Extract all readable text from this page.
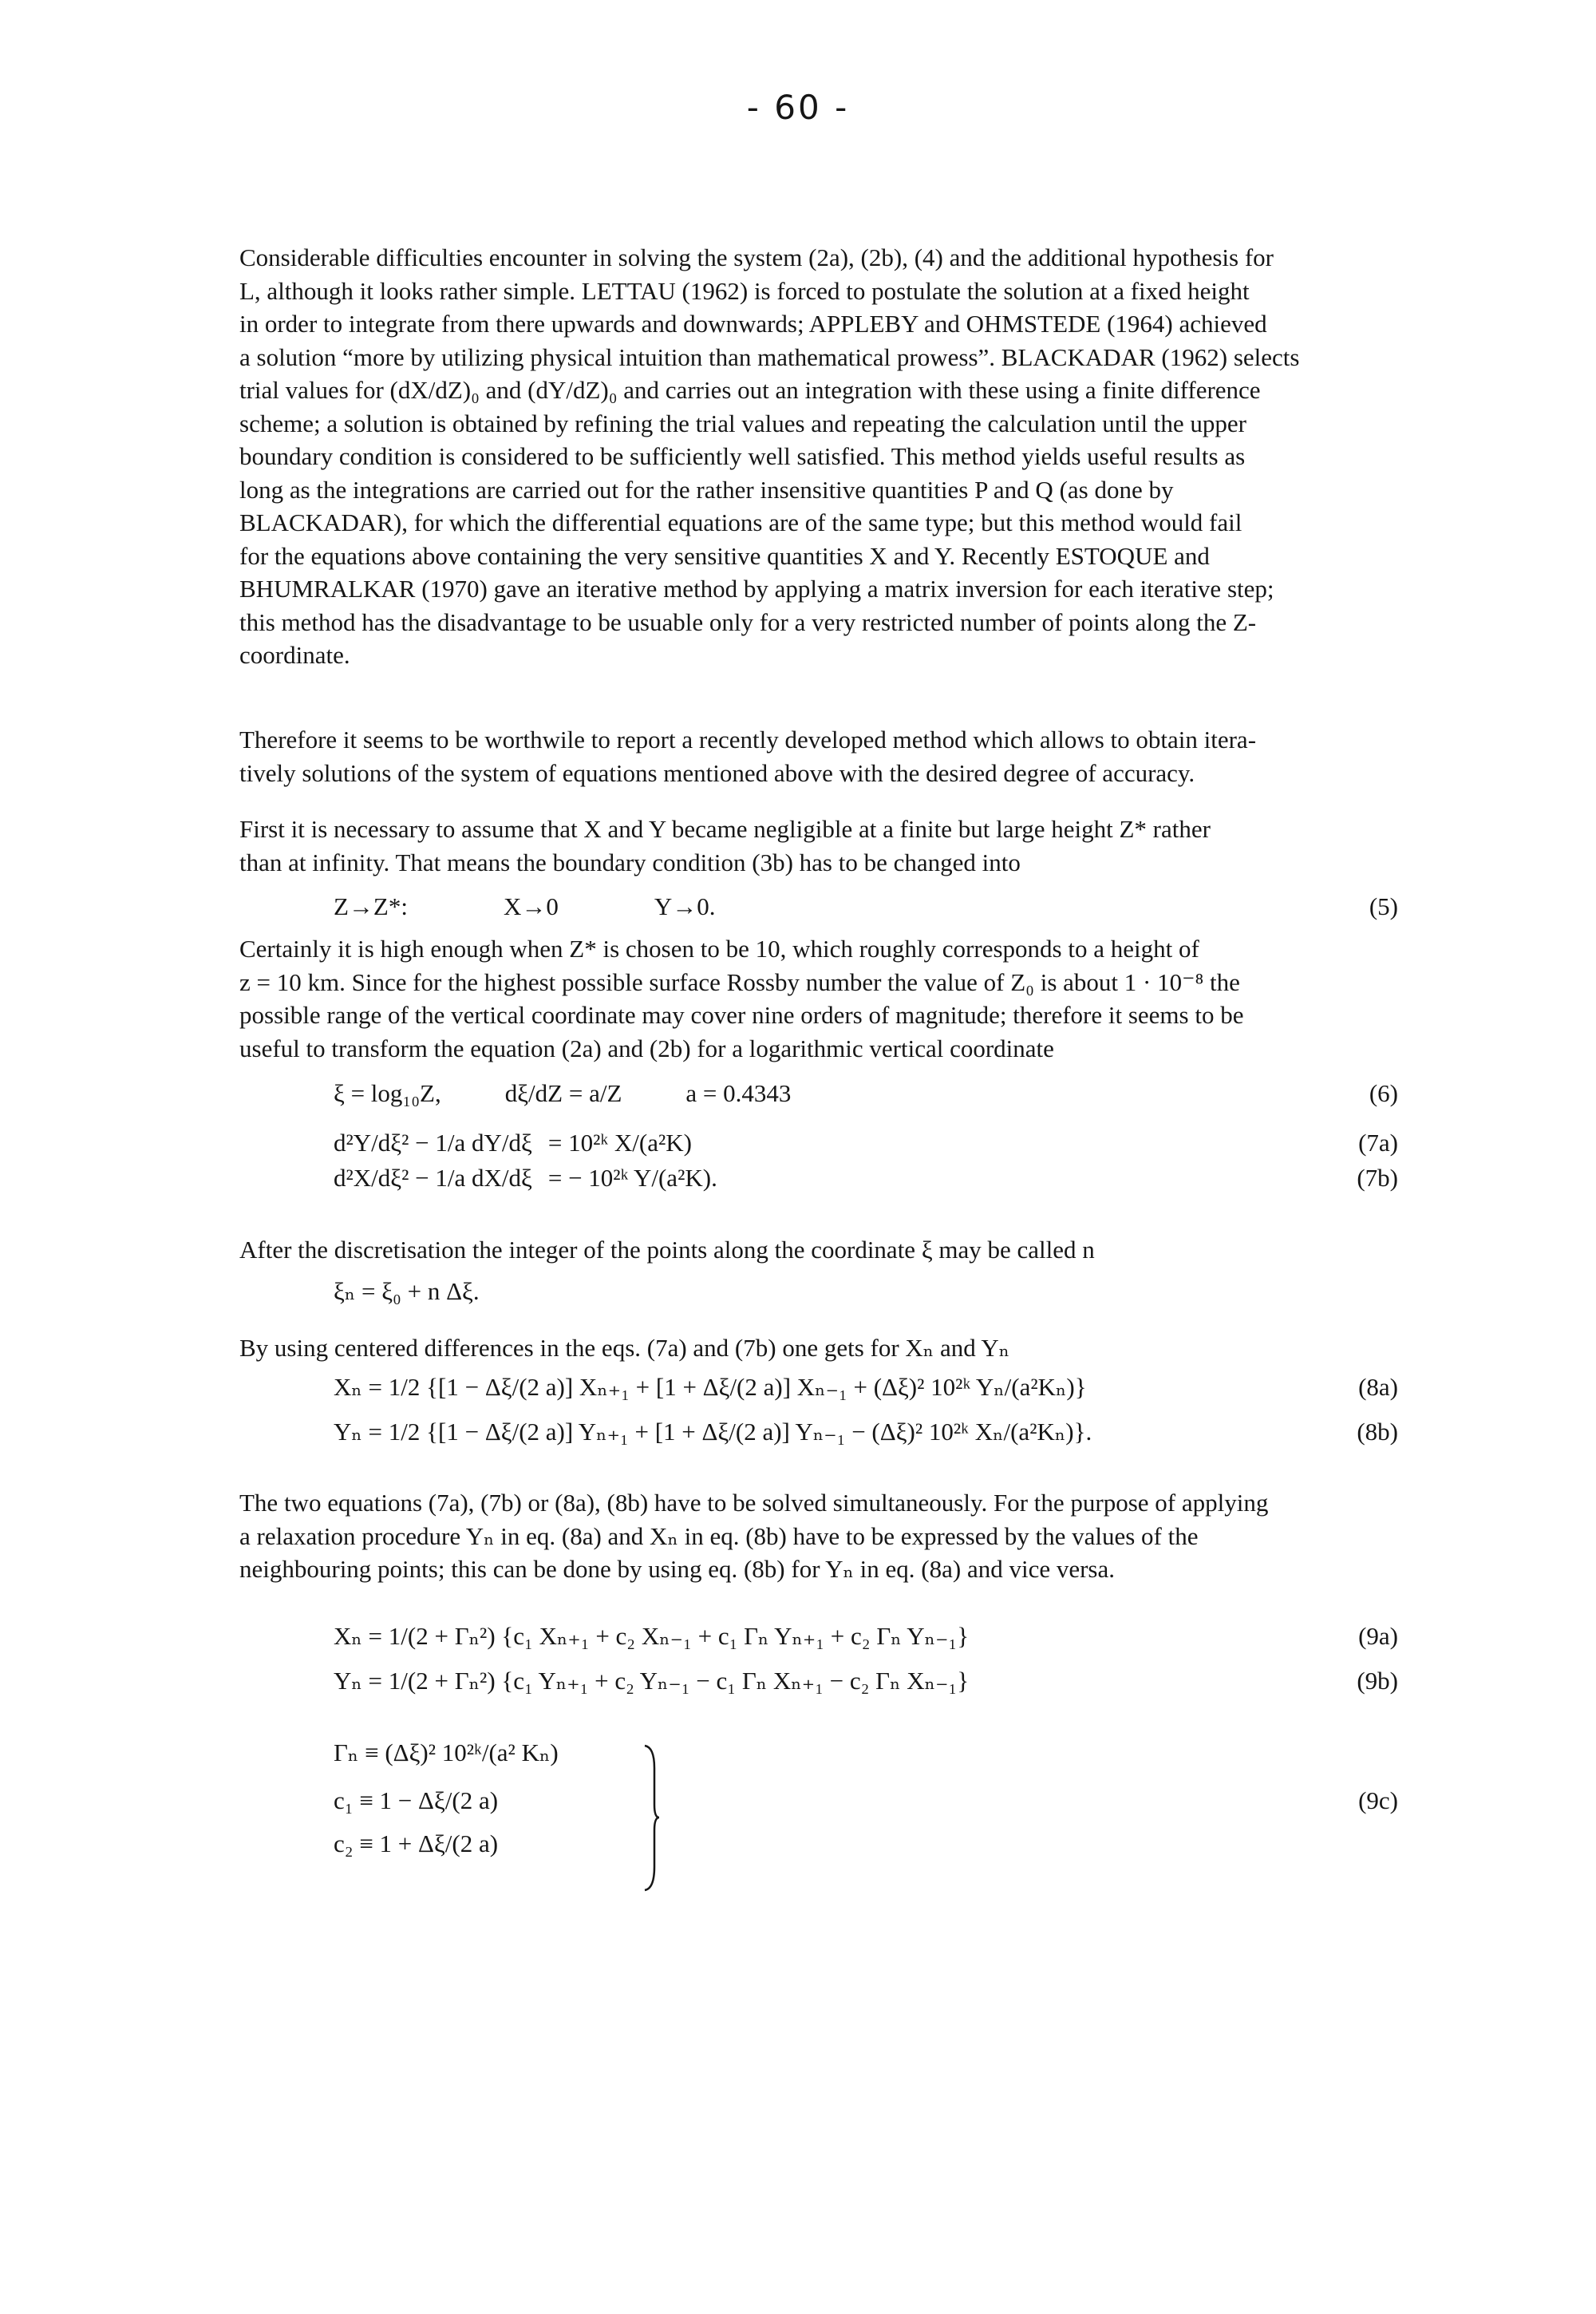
- 60 -
Considerable difficulties encounter in solving the system (2a), (2b), (4) and the additional hypothesis for
L, although it looks rather simple. LETTAU (1962) is forced to postulate the solution at a fixed height
in order to integrate from there upwards and downwards; APPLEBY and OHMSTEDE (1964) achieved
a solution “more by utilizing physical intuition than mathematical prowess”. BLACKADAR (1962) selects
trial values for (dX/dZ)₀ and (dY/dZ)₀ and carries out an integration with these using a finite difference
scheme; a solution is obtained by refining the trial values and repeating the calculation until the upper
boundary condition is considered to be sufficiently well satisfied. This method yields useful results as
long as the integrations are carried out for the rather insensitive quantities P and Q (as done by
BLACKADAR), for which the differential equations are of the same type; but this method would fail
for the equations above containing the very sensitive quantities X and Y. Recently ESTOQUE and
BHUMRALKAR (1970) gave an iterative method by applying a matrix inversion for each iterative step;
this method has the disadvantage to be usuable only for a very restricted number of points along the Z-
coordinate.
Therefore it seems to be worthwile to report a recently developed method which allows to obtain itera-
tively solutions of the system of equations mentioned above with the desired degree of accuracy.
First it is necessary to assume that X and Y became negligible at a finite but large height Z* rather
than at infinity. That means the boundary condition (3b) has to be changed into
Z→Z*:	X→0	Y→0.	(5)
Certainly it is high enough when Z* is chosen to be 10, which roughly corresponds to a height of
z = 10 km. Since for the highest possible surface Rossby number the value of Z₀ is about 1 · 10⁻⁸ the
possible range of the vertical coordinate may cover nine orders of magnitude; therefore it seems to be
useful to transform the equation (2a) and (2b) for a logarithmic vertical coordinate
ξ = log₁₀Z,	dξ/dZ = a/Z	a = 0.4343	(6)
d²Y/dξ² − 1/a dY/dξ = 10²ᵏ X/(a²K)	(7a)
d²X/dξ² − 1/a dX/dξ = − 10²ᵏ Y/(a²K).	(7b)
After the discretisation the integer of the points along the coordinate ξ may be called n
ξₙ = ξ₀ + n Δξ.
By using centered differences in the eqs. (7a) and (7b) one gets for Xₙ and Yₙ
Xₙ = 1/2 {[1 − Δξ/(2 a)] Xₙ₊₁ + [1 + Δξ/(2 a)] Xₙ₋₁ + (Δξ)² 10²ᵏ Yₙ/(a²Kₙ)}	(8a)
Yₙ = 1/2 {[1 − Δξ/(2 a)] Yₙ₊₁ + [1 + Δξ/(2 a)] Yₙ₋₁ − (Δξ)² 10²ᵏ Xₙ/(a²Kₙ)}.	(8b)
The two equations (7a), (7b) or (8a), (8b) have to be solved simultaneously. For the purpose of applying
a relaxation procedure Yₙ in eq. (8a) and Xₙ in eq. (8b) have to be expressed by the values of the
neighbouring points; this can be done by using eq. (8b) for Yₙ in eq. (8a) and vice versa.
Xₙ = 1/(2 + Γₙ²) {c₁ Xₙ₊₁ + c₂ Xₙ₋₁ + c₁ Γₙ Yₙ₊₁ + c₂ Γₙ Yₙ₋₁}	(9a)
Yₙ = 1/(2 + Γₙ²) {c₁ Yₙ₊₁ + c₂ Yₙ₋₁ − c₁ Γₙ Xₙ₊₁ − c₂ Γₙ Xₙ₋₁}	(9b)
Γₙ ≡ (Δξ)² 10²ᵏ/(a² Kₙ)
c₁ ≡ 1 − Δξ/(2 a)
c₂ ≡ 1 + Δξ/(2 a)
(9c)
